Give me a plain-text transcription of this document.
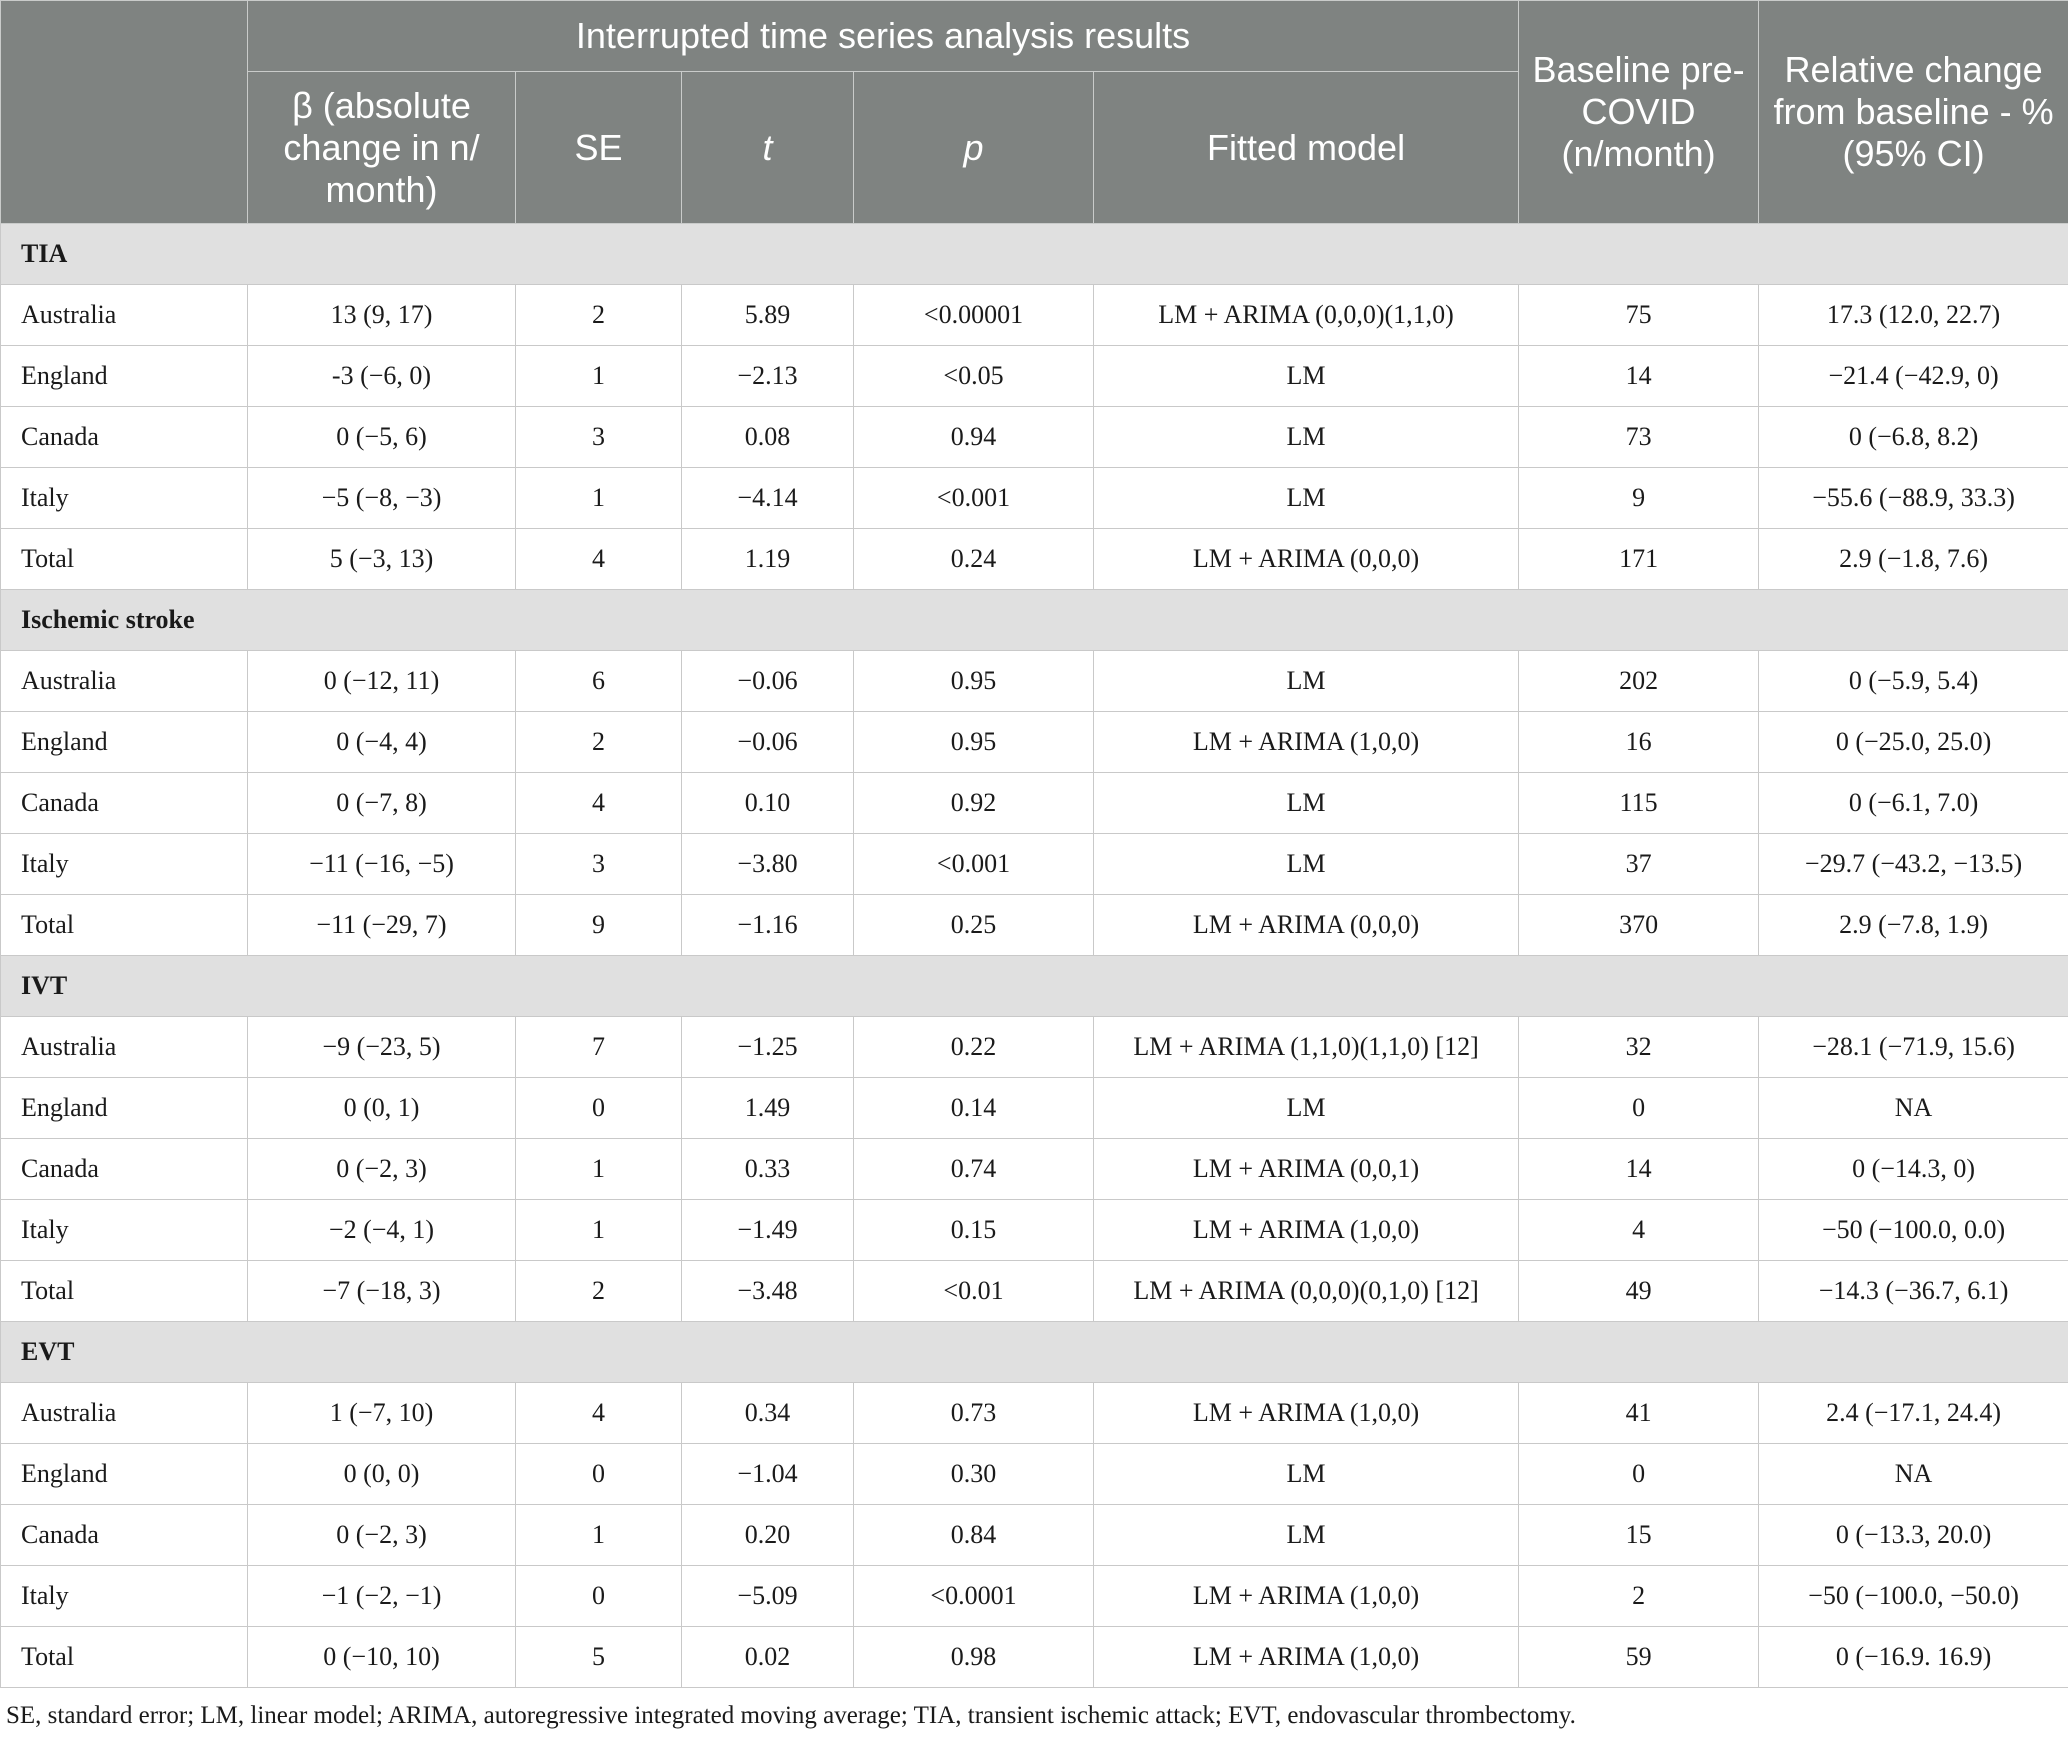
	Interrupted time series analysis results					Baseline pre-COVID (n/month)	Relative change from baseline - % (95% CI)
	β (absolute change in n/ month)	SE	t	p	Fitted model		
TIA							
Australia	13 (9, 17)	2	5.89	<0.00001	LM + ARIMA (0,0,0)(1,1,0)	75	17.3 (12.0, 22.7)
England	-3 (−6, 0)	1	−2.13	<0.05	LM	14	−21.4 (−42.9, 0)
Canada	0 (−5, 6)	3	0.08	0.94	LM	73	0 (−6.8, 8.2)
Italy	−5 (−8, −3)	1	−4.14	<0.001	LM	9	−55.6 (−88.9, 33.3)
Total	5 (−3, 13)	4	1.19	0.24	LM + ARIMA (0,0,0)	171	2.9 (−1.8, 7.6)
Ischemic stroke							
Australia	0 (−12, 11)	6	−0.06	0.95	LM	202	0 (−5.9, 5.4)
England	0 (−4, 4)	2	−0.06	0.95	LM + ARIMA (1,0,0)	16	0 (−25.0, 25.0)
Canada	0 (−7, 8)	4	0.10	0.92	LM	115	0 (−6.1, 7.0)
Italy	−11 (−16, −5)	3	−3.80	<0.001	LM	37	−29.7 (−43.2, −13.5)
Total	−11 (−29, 7)	9	−1.16	0.25	LM + ARIMA (0,0,0)	370	2.9 (−7.8, 1.9)
IVT							
Australia	−9 (−23, 5)	7	−1.25	0.22	LM + ARIMA (1,1,0)(1,1,0) [12]	32	−28.1 (−71.9, 15.6)
England	0 (0, 1)	0	1.49	0.14	LM	0	NA
Canada	0 (−2, 3)	1	0.33	0.74	LM + ARIMA (0,0,1)	14	0 (−14.3, 0)
Italy	−2 (−4, 1)	1	−1.49	0.15	LM + ARIMA (1,0,0)	4	−50 (−100.0, 0.0)
Total	−7 (−18, 3)	2	−3.48	<0.01	LM + ARIMA (0,0,0)(0,1,0) [12]	49	−14.3 (−36.7, 6.1)
EVT							
Australia	1 (−7, 10)	4	0.34	0.73	LM + ARIMA (1,0,0)	41	2.4 (−17.1, 24.4)
England	0 (0, 0)	0	−1.04	0.30	LM	0	NA
Canada	0 (−2, 3)	1	0.20	0.84	LM	15	0 (−13.3, 20.0)
Italy	−1 (−2, −1)	0	−5.09	<0.0001	LM + ARIMA (1,0,0)	2	−50 (−100.0, −50.0)
Total	0 (−10, 10)	5	0.02	0.98	LM + ARIMA (1,0,0)	59	0 (−16.9. 16.9)
SE, standard error; LM, linear model; ARIMA, autoregressive integrated moving average; TIA, transient ischemic attack; EVT, endovascular thrombectomy.
